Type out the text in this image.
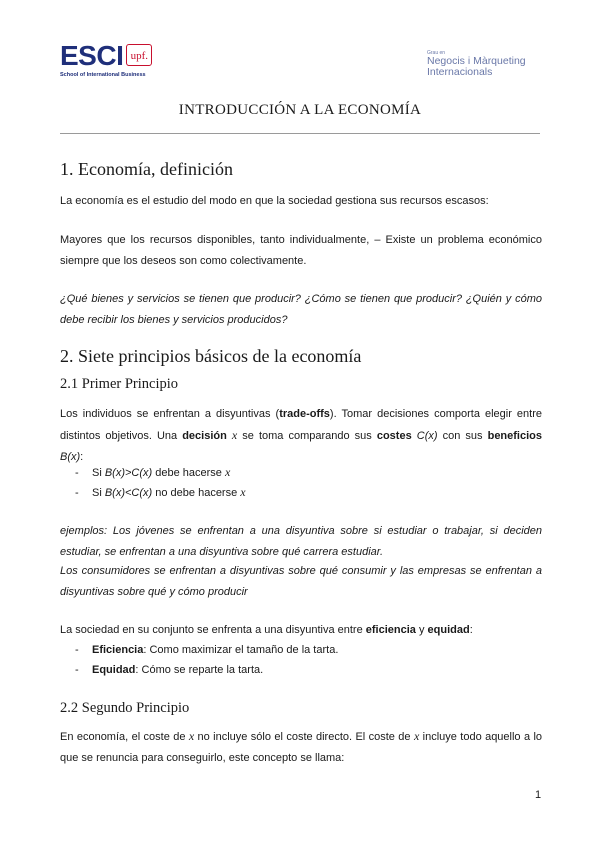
ESCI upf.
School of International Business
Grau en
Negocis i Màrqueting
Internacionals
INTRODUCCIÓN A LA ECONOMÍA
1. Economía, definición
La economía es el estudio del modo en que la sociedad gestiona sus recursos escasos:
Mayores que los recursos disponibles, tanto individualmente, – Existe un problema económico siempre que los deseos son como colectivamente.
¿Qué bienes y servicios se tienen que producir? ¿Cómo se tienen que producir? ¿Quién y cómo debe recibir los bienes y servicios producidos?
2. Siete principios básicos de la economía
2.1 Primer Principio
Los individuos se enfrentan a disyuntivas (trade-offs). Tomar decisiones comporta elegir entre distintos objetivos. Una decisión x se toma comparando sus costes C(x) con sus beneficios B(x):
- Si B(x)>C(x) debe hacerse x
- Si B(x)<C(x) no debe hacerse x
ejemplos: Los jóvenes se enfrentan a una disyuntiva sobre si estudiar o trabajar, si deciden estudiar, se enfrentan a una disyuntiva sobre qué carrera estudiar.
Los consumidores se enfrentan a disyuntivas sobre qué consumir y las empresas se enfrentan a disyuntivas sobre qué y cómo producir
La sociedad en su conjunto se enfrenta a una disyuntiva entre eficiencia y equidad:
- Eficiencia: Como maximizar el tamaño de la tarta.
- Equidad: Cómo se reparte la tarta.
2.2 Segundo Principio
En economía, el coste de x no incluye sólo el coste directo. El coste de x incluye todo aquello a lo que se renuncia para conseguirlo, este concepto se llama:
1
